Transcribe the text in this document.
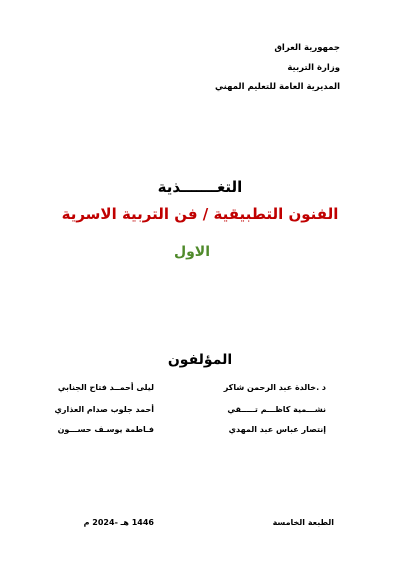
جمهورية العراق
وزارة التربية
المديرية العامة للتعليم المهني
التغـــــــذية
الفنون التطبيقية / فن التربية الاسرية
الاول
المؤلفون
د .خالدة عبد الرحمن شاكر
نشـــمية كاظـــم تـــــقي
إنتصار عباس عبد المهدي
ليلى أحمــد فتاح الجنابي
أحمد جلوب صدام العذاري
فـاطمة يوسـف حســـون
الطبعة الخامسة
1446 هـ -2024 م
